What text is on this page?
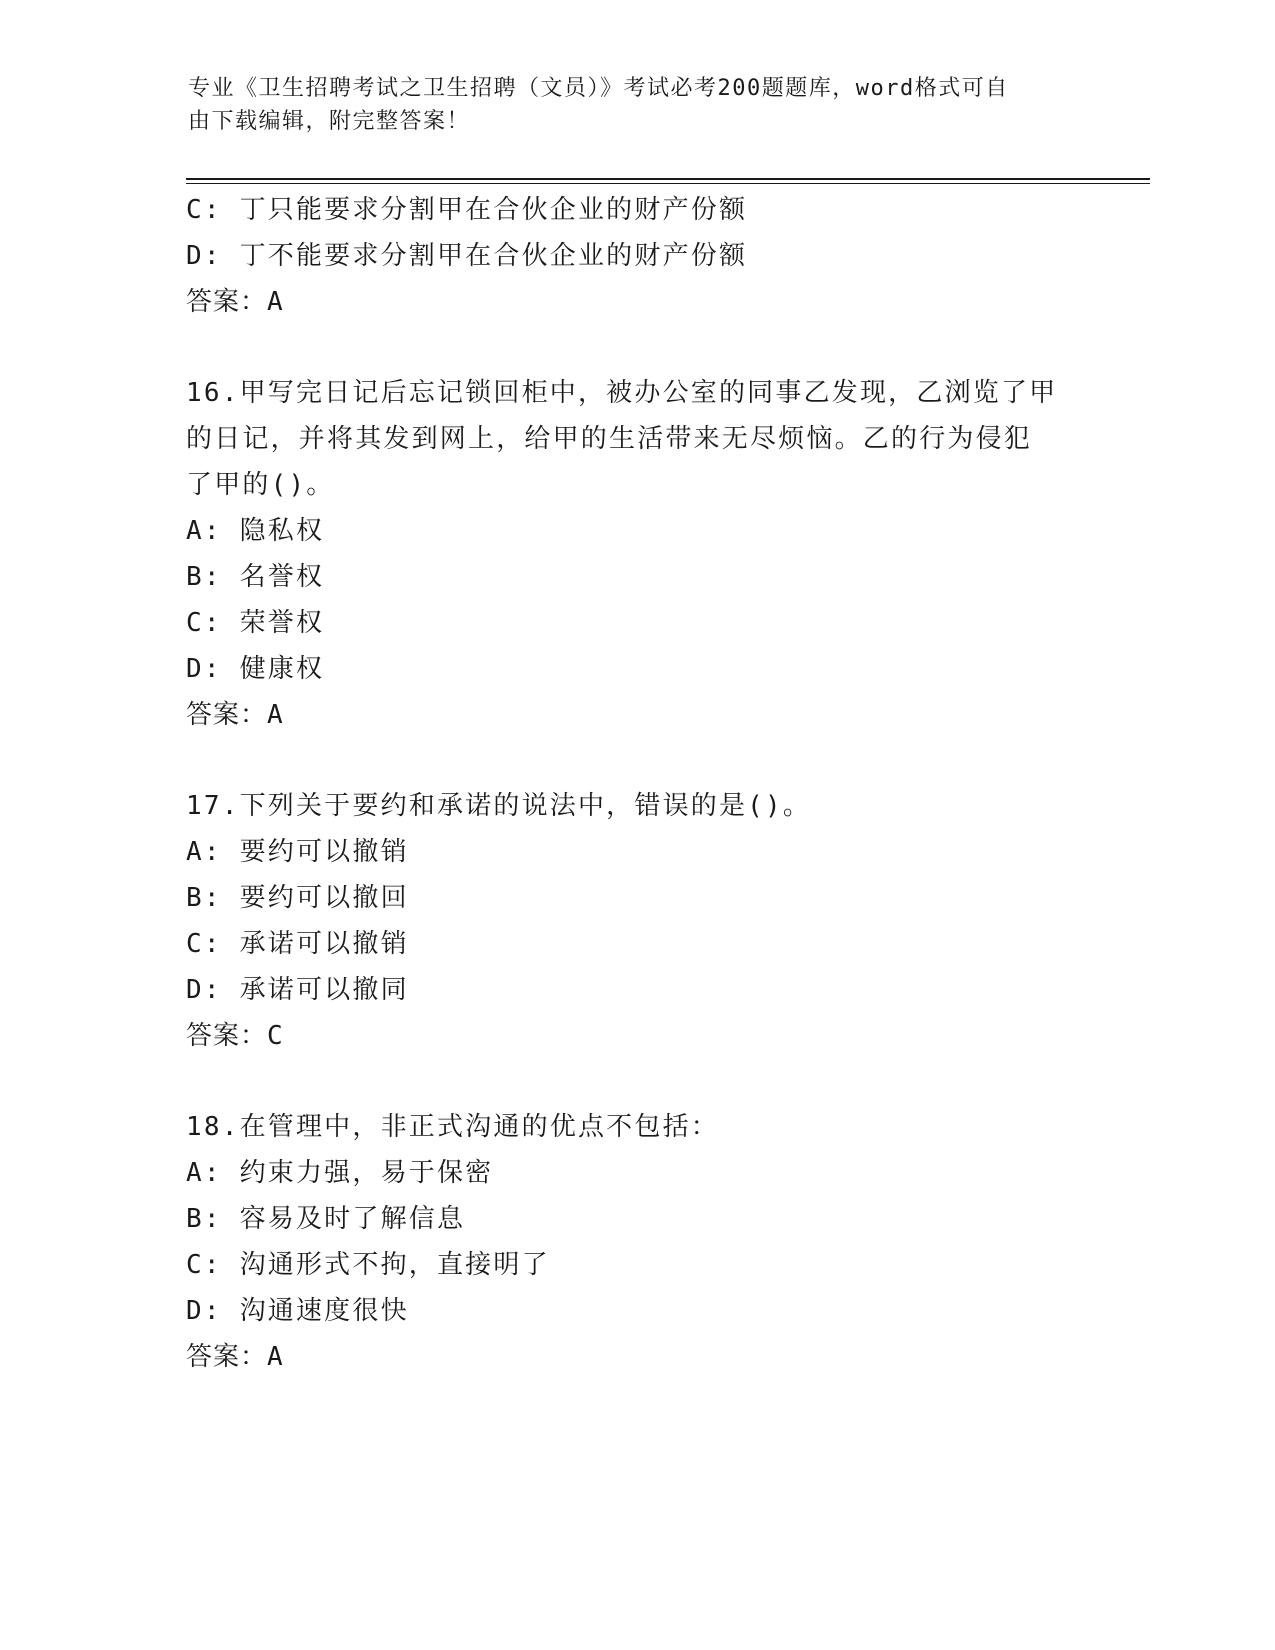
专业《卫生招聘考试之卫生招聘（文员）》考试必考200题题库，word格式可自
由下载编辑，附完整答案！
C: 丁只能要求分割甲在合伙企业的财产份额
D: 丁不能要求分割甲在合伙企业的财产份额
答案：A
16.甲写完日记后忘记锁回柜中，被办公室的同事乙发现，乙浏览了甲
的日记，并将其发到网上，给甲的生活带来无尽烦恼。乙的行为侵犯
了甲的()。
A: 隐私权
B: 名誉权
C: 荣誉权
D: 健康权
答案：A
17.下列关于要约和承诺的说法中，错误的是()。
A: 要约可以撤销
B: 要约可以撤回
C: 承诺可以撤销
D: 承诺可以撤同
答案：C
18.在管理中，非正式沟通的优点不包括：
A: 约束力强，易于保密
B: 容易及时了解信息
C: 沟通形式不拘，直接明了
D: 沟通速度很快
答案：A
